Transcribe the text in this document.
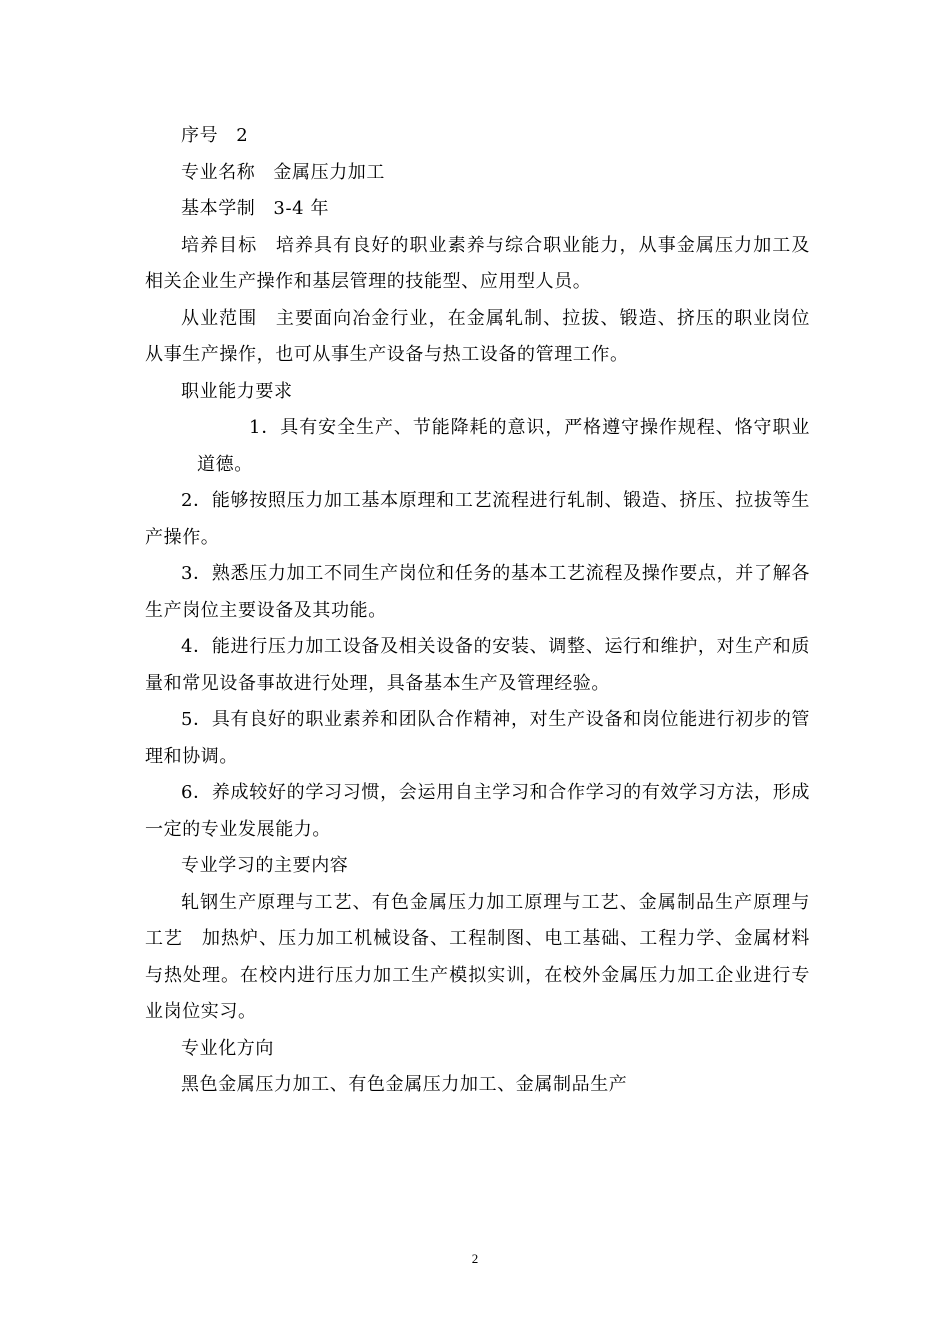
序号 2

专业名称 金属压力加工

基本学制 3-4 年

培养目标 培养具有良好的职业素养与综合职业能力，从事金属压力加工及相关企业生产操作和基层管理的技能型、应用型人员。

从业范围 主要面向冶金行业，在金属轧制、拉拔、锻造、挤压的职业岗位从事生产操作，也可从事生产设备与热工设备的管理工作。

职业能力要求

1．具有安全生产、节能降耗的意识，严格遵守操作规程、恪守职业道德。

2．能够按照压力加工基本原理和工艺流程进行轧制、锻造、挤压、拉拔等生产操作。

3．熟悉压力加工不同生产岗位和任务的基本工艺流程及操作要点，并了解各生产岗位主要设备及其功能。

4．能进行压力加工设备及相关设备的安装、调整、运行和维护，对生产和质量和常见设备事故进行处理，具备基本生产及管理经验。

5．具有良好的职业素养和团队合作精神，对生产设备和岗位能进行初步的管理和协调。

6．养成较好的学习习惯，会运用自主学习和合作学习的有效学习方法，形成一定的专业发展能力。

专业学习的主要内容

轧钢生产原理与工艺、有色金属压力加工原理与工艺、金属制品生产原理与工艺　加热炉、压力加工机械设备、工程制图、电工基础、工程力学、金属材料与热处理。在校内进行压力加工生产模拟实训，在校外金属压力加工企业进行专业岗位实习。

专业化方向

黑色金属压力加工、有色金属压力加工、金属制品生产

2
